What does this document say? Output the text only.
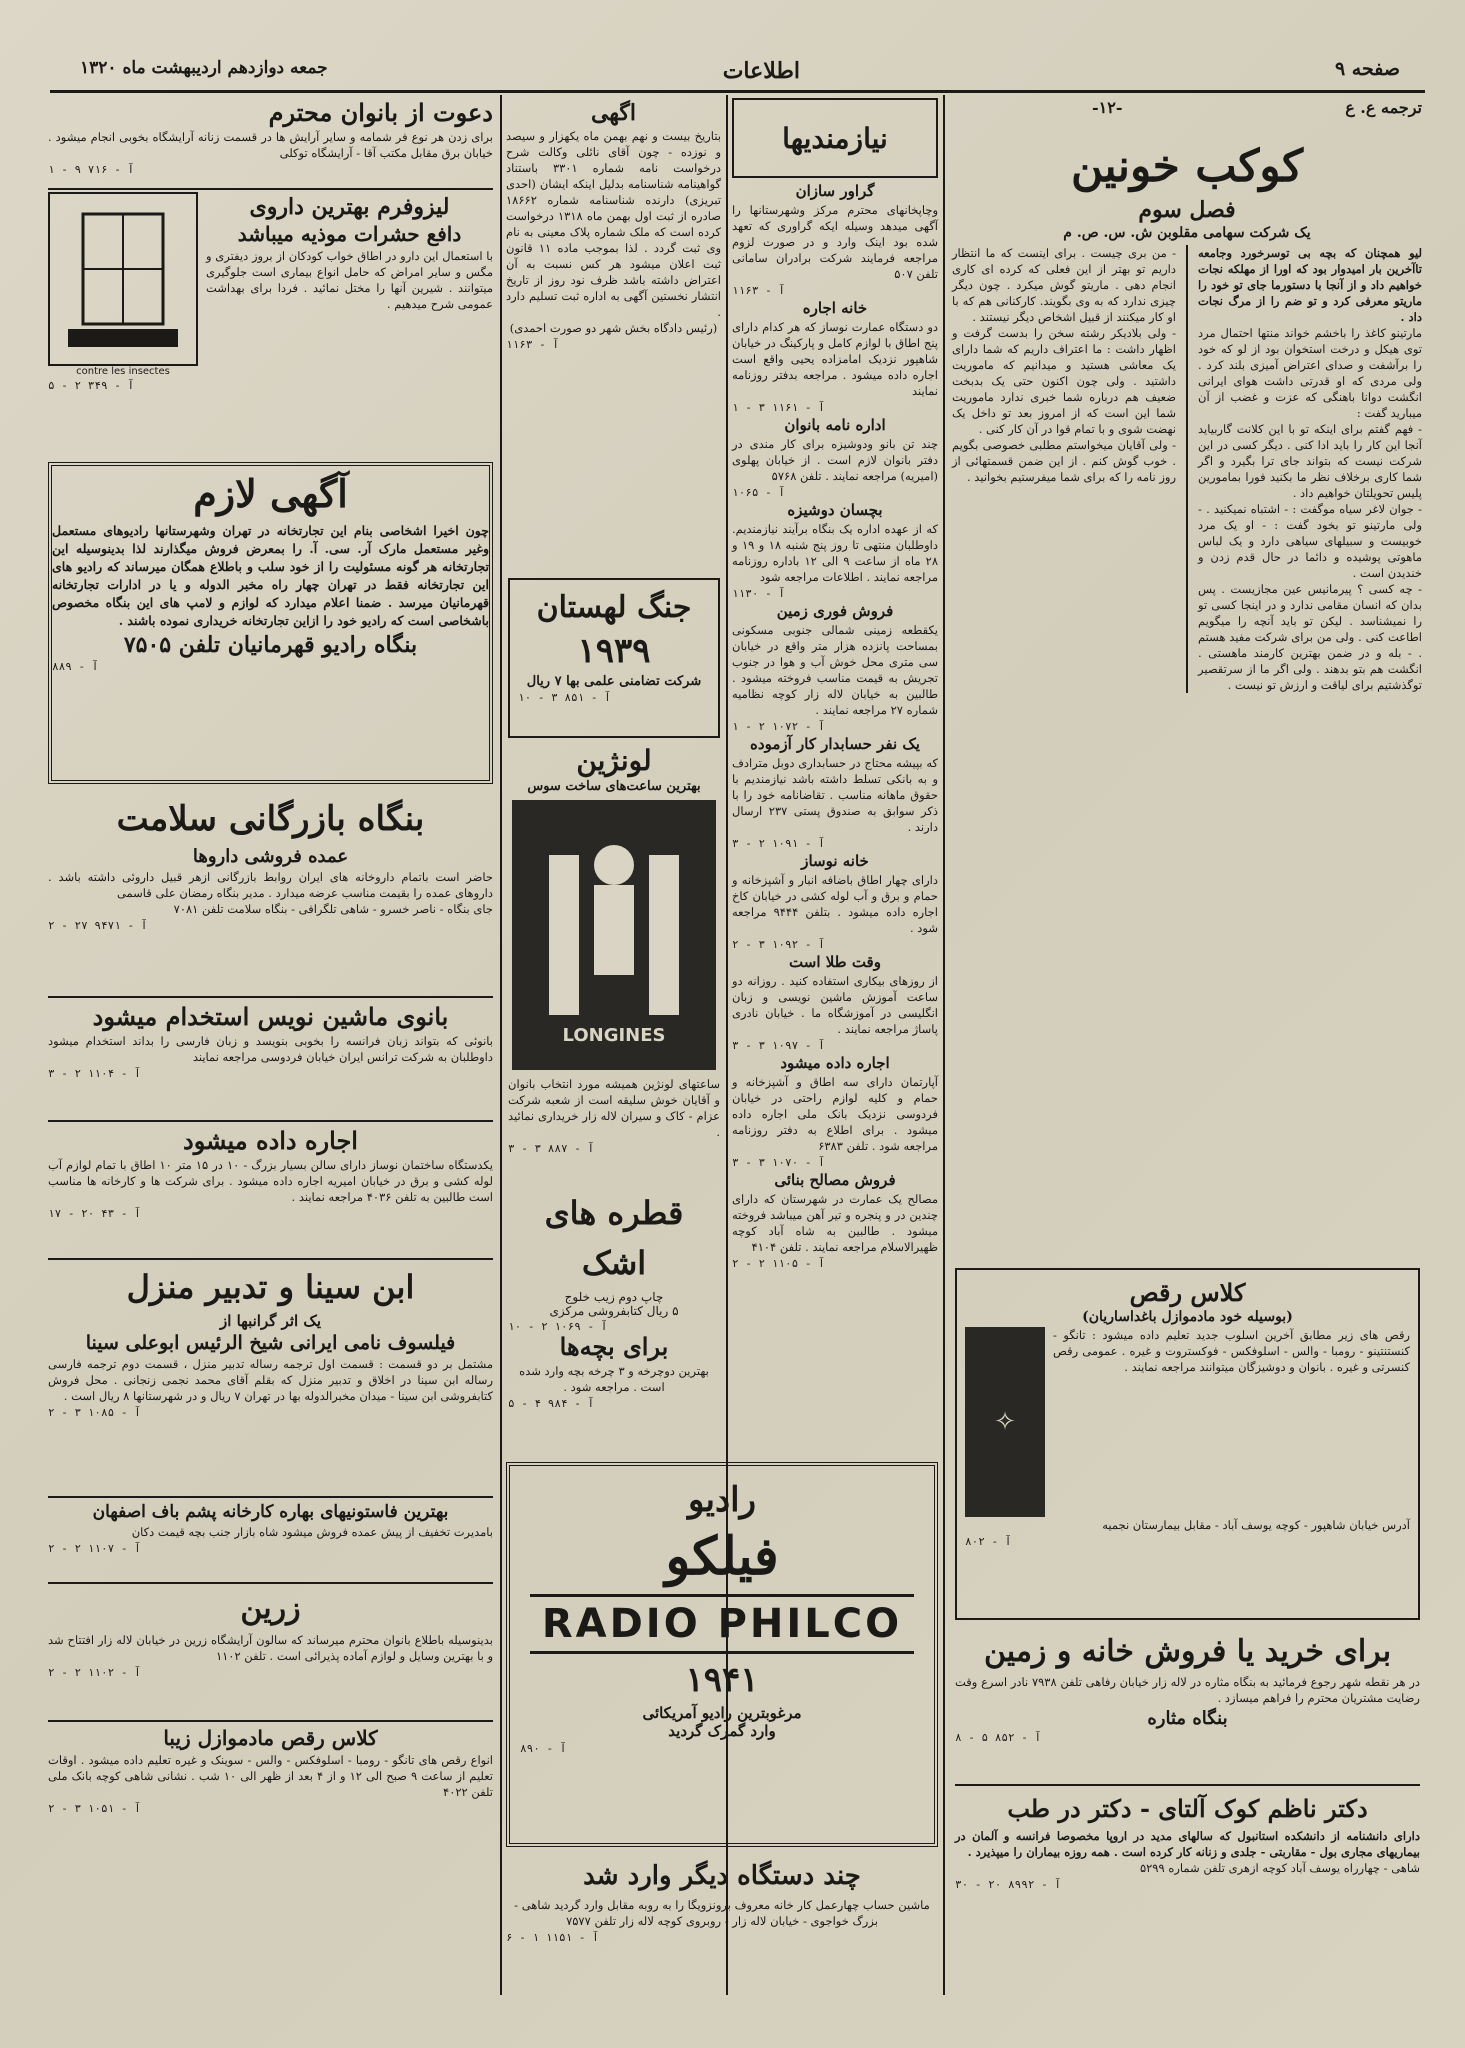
صفحه ۹
اطلاعات
جمعه دوازدهم اردیبهشت ماه ۱۳۲۰
ترجمه ع. ع
-۱۲-
کوکب خونین
فصل سوم
یک شرکت سهامی مقلوبن ش. س. ص. م

لیو همچنان که بچه بی توسرخورد وجامعه تاآخرین بار امیدوار بود که اورا از مهلکه نجات خواهیم داد و از آنجا با دستورما جای تو خود را ماریتو معرفی کرد و تو ضم را از مرگ نجات داد .

مارتینو کاغذ را باخشم خواند منتها احتمال مرد توی هیکل و درخت استخوان بود از لو که خود را برآشفت و صدای اعتراض آمیزی بلند کرد . ولی مردی که او قدرتی داشت هوای ایرانی انگشت دوانا باهنگی که عزت و غضب از آن میبارید گفت :

- فهم گفتم برای اینکه تو با این کلانت گاربیاید آنجا این کار را باید ادا کنی . دیگر کسی در این شرکت نیست که بتواند جای ترا بگیرد و اگر شما کاری برخلاف نظر ما بکنید فورا بمامورین پلیس تحویلتان خواهیم داد .

- جوان لاغر سیاه موگفت : - اشتباه نمیکنید . - ولی مارتینو تو بخود گفت : - او یک مرد خوبیست و سبیلهای سیاهی دارد و یک لباس ماهوتی پوشیده و دائما در حال قدم زدن و خندیدن است .

- چه کسی ؟ پیرمانیس عین مجازیست . پس بدان که انسان مقامی ندارد و در اینجا کسی تو را نمیشناسد . لیکن تو باید آنچه را میگویم اطاعت کنی . ولی من برای شرکت مفید هستم . - بله و در ضمن بهترین کارمند ماهستی . انگشت هم بتو بدهند . ولی اگر ما از سرتقصیر توگذشتیم برای لیاقت و ارزش تو نیست .

- من بری چیست . برای اینست که ما انتظار داریم تو بهتر از این فعلی که کرده ای کاری انجام دهی . ماریتو گوش میکرد . چون دیگر چیزی ندارد که به وی بگویند. کارکنانی هم که با او کار میکنند از قبیل اشخاص دیگر نیستند .

- ولی بلادیکر رشته سخن را بدست گرفت و اظهار داشت : ما اعتراف داریم که شما دارای یک معاشی هستید و میدانیم که ماموریت داشتید . ولی چون اکنون حتی یک بدبخت ضعیف هم درباره شما خبری ندارد ماموریت شما این است که از امروز بعد تو داخل یک نهضت شوی و با تمام قوا در آن کار کنی .

- ولی آقایان میخواستم مطلبی خصوصی بگویم . خوب گوش کنم . از این ضمن قسمتهائی از روز نامه را که برای شما میفرستیم بخوانید .

کلاس رقص
(بوسیله خود مادموازل باغداساریان)

رقص های زیر مطابق آخرین اسلوب جدید تعلیم داده میشود : تانگو - کنستنتینو - رومبا - والس - اسلوفکس - فوکستروت و غیره . عمومی رقص کنسرتی و غیره . بانوان و دوشیزگان میتوانند مراجعه نمایند .

✧

آدرس خیابان شاهپور - کوچه یوسف آباد - مقابل بیمارستان نجمیه

آ - ۸۰۲
برای خرید یا فروش خانه و زمین

در هر نقطه شهر رجوع فرمائید به بنگاه مثاره در لاله زار خیابان رفاهی تلفن ۷۹۳۸ نادر اسرع وقت رضایت مشتریان محترم را فراهم میسازد .

بنگاه مثاره
آ - ۸۵۲ ۵ - ۸
دکتر ناظم کوک آلتای - دکتر در طب

دارای دانشنامه از دانشکده استانبول که سالهای مدید در اروپا مخصوصا فرانسه و آلمان در بیماریهای مجاری بول - مقاربتی - جلدی و زنانه کار کرده است . همه روزه بیماران را میپذیرد .

شاهی - چهارراه یوسف آباد کوچه ازهری تلفن شماره ۵۲۹۹

آ - ۸۹۹۲ ۲۰ - ۳۰
نیازمندیها
گراور سازان

وچاپخانهای محترم مرکز وشهرستانها را آگهی میدهد وسیله ایکه گراوری که تعهد شده بود اینک وارد و در صورت لزوم مراجعه فرمایند شرکت برادران سامانی تلفن ۵۰۷

آ - ۱۱۶۳
خانه اجاره

دو دستگاه عمارت نوساز که هر کدام دارای پنج اطاق با لوازم کامل و پارکینگ در خیابان شاهپور نزدیک امامزاده یحیی واقع است اجاره داده میشود . مراجعه بدفتر روزنامه نمایند

آ - ۱۱۶۱ ۳ - ۱
اداره نامه بانوان

چند تن بانو ودوشیزه برای کار مندی در دفتر بانوان لازم است . از خیابان پهلوی (امیریه) مراجعه نمایند . تلفن ۵۷۶۸

آ - ۱۰۶۵
بچسان دوشیزه

که از عهده اداره یک بنگاه برآیند نیازمندیم. داوطلبان منتهی تا روز پنج شنبه ۱۸ و ۱۹ و ۲۸ ماه از ساعت ۹ الی ۱۲ باداره روزنامه مراجعه نمایند . اطلاعات مراجعه شود

آ - ۱۱۳۰
فروش فوری زمین

یکقطعه زمینی شمالی جنوبی مسکونی بمساحت پانزده هزار متر واقع در خیابان سی متری محل خوش آب و هوا در جنوب تجریش به قیمت مناسب فروخته میشود . طالبین به خیابان لاله زار کوچه نظامیه شماره ۲۷ مراجعه نمایند .

آ - ۱۰۷۲ ۲ - ۱
یک نفر حسابدار کار آزموده

که بپیشه محتاج در حسابداری دوبل مترادف و به بانکی تسلط داشته باشد نیازمندیم با حقوق ماهانه مناسب . تقاضانامه خود را با ذکر سوابق به صندوق پستی ۲۳۷ ارسال دارند .

آ - ۱۰۹۱ ۲ - ۳
خانه نوساز

دارای چهار اطاق باضافه انبار و آشپزخانه و حمام و برق و آب لوله کشی در خیابان کاخ اجاره داده میشود . بتلفن ۹۴۴۴ مراجعه شود .

آ - ۱۰۹۲ ۳ - ۲
وقت طلا است

از روزهای بیکاری استفاده کنید . روزانه دو ساعت آموزش ماشین نویسی و زبان انگلیسی در آموزشگاه ما . خیابان نادری پاساژ مراجعه نمایند .

آ - ۱۰۹۷ ۳ - ۳
اجاره داده میشود

آپارتمان دارای سه اطاق و آشپزخانه و حمام و کلیه لوازم راحتی در خیابان فردوسی نزدیک بانک ملی اجاره داده میشود . برای اطلاع به دفتر روزنامه مراجعه شود . تلفن ۶۳۸۳

آ - ۱۰۷۰ ۳ - ۳
فروش مصالح بنائی

مصالح یک عمارت در شهرستان که دارای چندین در و پنجره و تیر آهن میباشد فروخته میشود . طالبین به شاه آباد کوچه ظهیرالاسلام مراجعه نمایند . تلفن ۴۱۰۴

آ - ۱۱۰۵ ۲ - ۲
اگهی

بتاریخ بیست و نهم بهمن ماه یکهزار و سیصد و نوزده - چون آقای نائلی وکالت شرح درخواست نامه شماره ۳۳۰۱ باستناد گواهینامه شناسنامه بدلیل اینکه ایشان (احدی تبریزی) دارنده شناسنامه شماره ۱۸۶۶۲ صادره از ثبت اول بهمن ماه ۱۳۱۸ درخواست کرده است که ملک شماره پلاک معینی به نام وی ثبت گردد . لذا بموجب ماده ۱۱ قانون ثبت اعلان میشود هر کس نسبت به آن اعتراض داشته باشد ظرف نود روز از تاریخ انتشار نخستین آگهی به اداره ثبت تسلیم دارد .

(رئیس دادگاه بخش شهر دو صورت احمدی)

آ - ۱۱۶۳
جنگ لهستان
۱۹۳۹
شرکت تضامنی علمی بها ۷ ریال
آ - ۸۵۱ ۳ - ۱۰
لونژین
بهترین ساعت‌های ساخت سوس
LONGINES

ساعتهای لونژین همیشه مورد انتخاب بانوان و آقایان خوش سلیقه است از شعبه شرکت عزام - کاک و سیران لاله زار خریداری نمائید .

آ - ۸۸۷ ۳ - ۳
قطره های اشک
چاپ دوم زیب خلوج
۵ ریال کتابفروشی مرکزی
آ - ۱۰۶۹ ۲ - ۱۰
برای بچه‌ها

بهترین دوچرخه و ۳ چرخه بچه وارد شده است . مراجعه شود .

آ - ۹۸۴ ۴ - ۵
رادیو
فیلکو
RADIO PHILCO
۱۹۴۱
مرغوبترین رادیو آمریکائی
وارد گمرک گردید
آ - ۸۹۰
چند دستگاه دیگر وارد شد

ماشین حساب چهارعمل کار خانه معروف برونزویگا را به روبه مقابل وارد گردید شاهی - بزرگ خواجوی - خیابان لاله زار - روبروی کوچه لاله زار تلفن ۷۵۷۷

آ - ۱۱۵۱ ۱ - ۶
دعوت از بانوان محترم

برای زدن هر نوع فر شمامه و سایر آرایش ها در قسمت زنانه آرایشگاه بخوبی انجام میشود . خیابان برق مقابل مکتب آقا - آرایشگاه توکلی

آ - ۷۱۶ ۹ - ۱
لیزوفرم بهترین داروی
دافع حشرات موذیه میباشد

با استعمال این دارو در اطاق خواب کودکان از بروز دیفتری و مگس و سایر امراض که حامل انواع بیماری است جلوگیری میتوانند . شیرین آنها را مختل نمائید . فردا برای بهداشت عمومی شرح میدهیم .

contre les insectes
آ - ۳۴۹ ۲ - ۵
آگهی لازم

چون اخیرا اشخاصی بنام این تجارتخانه در تهران وشهرستانها رادیوهای مستعمل وغیر مستعمل مارک آر. سی. آ. را بمعرض فروش میگذارند لذا بدینوسیله این تجارتخانه هر گونه مسئولیت را از خود سلب و باطلاع همگان میرساند که رادیو های این تجارتخانه فقط در تهران چهار راه مخبر الدوله و یا در ادارات تجارتخانه قهرمانیان میرسد . ضمنا اعلام میدارد که لوازم و لامپ های این بنگاه مخصوص باشخاصی است که رادیو خود را ازاین تجارتخانه خریداری نموده باشند .

بنگاه رادیو قهرمانیان تلفن ۷۵۰۵
آ - ۸۸۹
بنگاه بازرگانی سلامت
عمده فروشی داروها

حاضر است باتمام داروخانه های ایران روابط بازرگانی ازهر قبیل داروئی داشته باشد . داروهای عمده را بقیمت مناسب عرضه میدارد . مدیر بنگاه رمضان علی قاسمی

جای بنگاه - ناصر خسرو - شاهی تلگرافی - بنگاه سلامت تلفن ۷۰۸۱

آ - ۹۴۷۱ ۲۷ - ۲
بانوی ماشین نویس استخدام میشود

بانوئی که بتواند زبان فرانسه را بخوبی بنویسد و زبان فارسی را بداند استخدام میشود داوطلبان به شرکت ترانس ایران خیابان فردوسی مراجعه نمایند

آ - ۱۱۰۴ ۲ - ۳
اجاره داده میشود

یکدستگاه ساختمان نوساز دارای سالن بسیار بزرگ - ۱۰ در ۱۵ متر ۱۰ اطاق با تمام لوازم آب لوله کشی و برق در خیابان امیریه اجاره داده میشود . برای شرکت ها و کارخانه ها مناسب است طالبین به تلفن ۴۰۳۶ مراجعه نمایند .

آ - ۴۳ ۲۰ - ۱۷
ابن سینا و تدبیر منزل
یک اثر گرانبها از
فیلسوف نامی ایرانی شیخ الرئیس ابوعلی سینا

مشتمل بر دو قسمت : قسمت اول ترجمه رساله تدبیر منزل ، قسمت دوم ترجمه فارسی رساله ابن سینا در اخلاق و تدبیر منزل که بقلم آقای محمد نجمی زنجانی . محل فروش کتابفروشی ابن سینا - میدان مخبرالدوله بها در تهران ۷ ریال و در شهرستانها ۸ ریال است .

آ - ۱۰۸۵ ۳ - ۲
بهترین فاستونیهای بهاره کارخانه پشم باف اصفهان

بامدیرت تخفیف از پیش عمده فروش میشود شاه بازار جنب بچه قیمت دکان

آ - ۱۱۰۷ ۲ - ۲
زرین

بدینوسیله باطلاع بانوان محترم میرساند که سالون آرایشگاه زرین در خیابان لاله زار افتتاح شد و با بهترین وسایل و لوازم آماده پذیرائی است . تلفن ۱۱۰۲

آ - ۱۱۰۲ ۲ - ۲
کلاس رقص مادموازل زیبا

انواع رقص های تانگو - رومبا - اسلوفکس - والس - سوینک و غیره تعلیم داده میشود . اوقات تعلیم از ساعت ۹ صبح الی ۱۲ و از ۴ بعد از ظهر الی ۱۰ شب . نشانی شاهی کوچه بانک ملی تلفن ۴۰۲۲

آ - ۱۰۵۱ ۳ - ۲
